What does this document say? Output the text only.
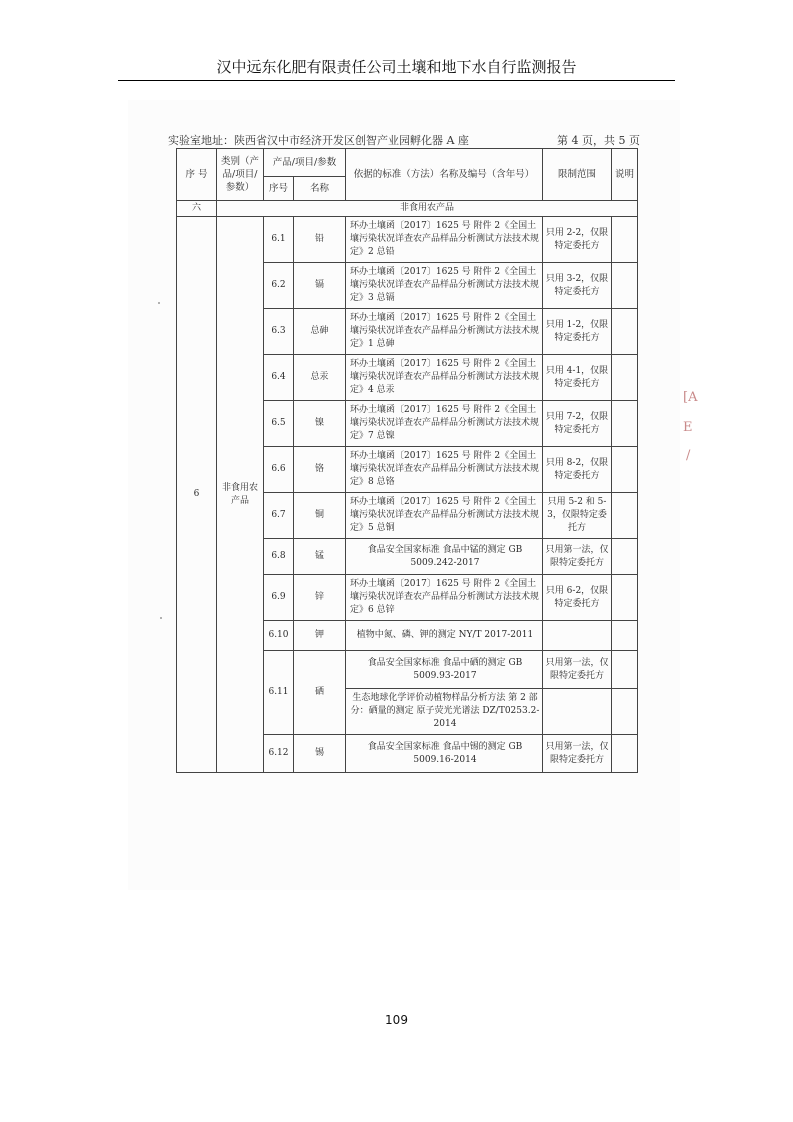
汉中远东化肥有限责任公司土壤和地下水自行监测报告
实验室地址：陕西省汉中市经济开发区创智产业园孵化器 A 座	第 4 页，共 5 页
序 号	类别（产品/项目/参数）	产品/项目/参数		依据的标准（方法）名称及编号（含年号）	限制范围	说明
		序号	名称			
六	非食用农产品					
6	非食用农产品	6.1	铅	环办土壤函〔2017〕1625 号 附件 2《全国土壤污染状况详查农产品样品分析测试方法技术规定》2 总铅	只用 2-2，仅限特定委托方	
		6.2	镉	环办土壤函〔2017〕1625 号 附件 2《全国土壤污染状况详查农产品样品分析测试方法技术规定》3 总镉	只用 3-2，仅限特定委托方	
		6.3	总砷	环办土壤函〔2017〕1625 号 附件 2《全国土壤污染状况详查农产品样品分析测试方法技术规定》1 总砷	只用 1-2，仅限特定委托方	
		6.4	总汞	环办土壤函〔2017〕1625 号 附件 2《全国土壤污染状况详查农产品样品分析测试方法技术规定》4 总汞	只用 4-1，仅限特定委托方	
		6.5	镍	环办土壤函〔2017〕1625 号 附件 2《全国土壤污染状况详查农产品样品分析测试方法技术规定》7 总镍	只用 7-2，仅限特定委托方	
		6.6	铬	环办土壤函〔2017〕1625 号 附件 2《全国土壤污染状况详查农产品样品分析测试方法技术规定》8 总铬	只用 8-2，仅限特定委托方	
		6.7	铜	环办土壤函〔2017〕1625 号 附件 2《全国土壤污染状况详查农产品样品分析测试方法技术规定》5 总铜	只用 5-2 和 5-3，仅限特定委托方	
		6.8	锰	食品安全国家标准 食品中锰的测定 GB 5009.242-2017	只用第一法，仅限特定委托方	
		6.9	锌	环办土壤函〔2017〕1625 号 附件 2《全国土壤污染状况详查农产品样品分析测试方法技术规定》6 总锌	只用 6-2，仅限特定委托方	
		6.10	钾	植物中氮、磷、钾的测定 NY/T 2017-2011		
		6.11	硒	食品安全国家标准 食品中硒的测定 GB 5009.93-2017	只用第一法，仅限特定委托方	
				生态地球化学评价动植物样品分析方法 第 2 部分：硒量的测定 原子荧光光谱法 DZ/T0253.2-2014		
		6.12	锡	食品安全国家标准 食品中锡的测定 GB 5009.16-2014	只用第一法，仅限特定委托方	
[A
E
/
109
